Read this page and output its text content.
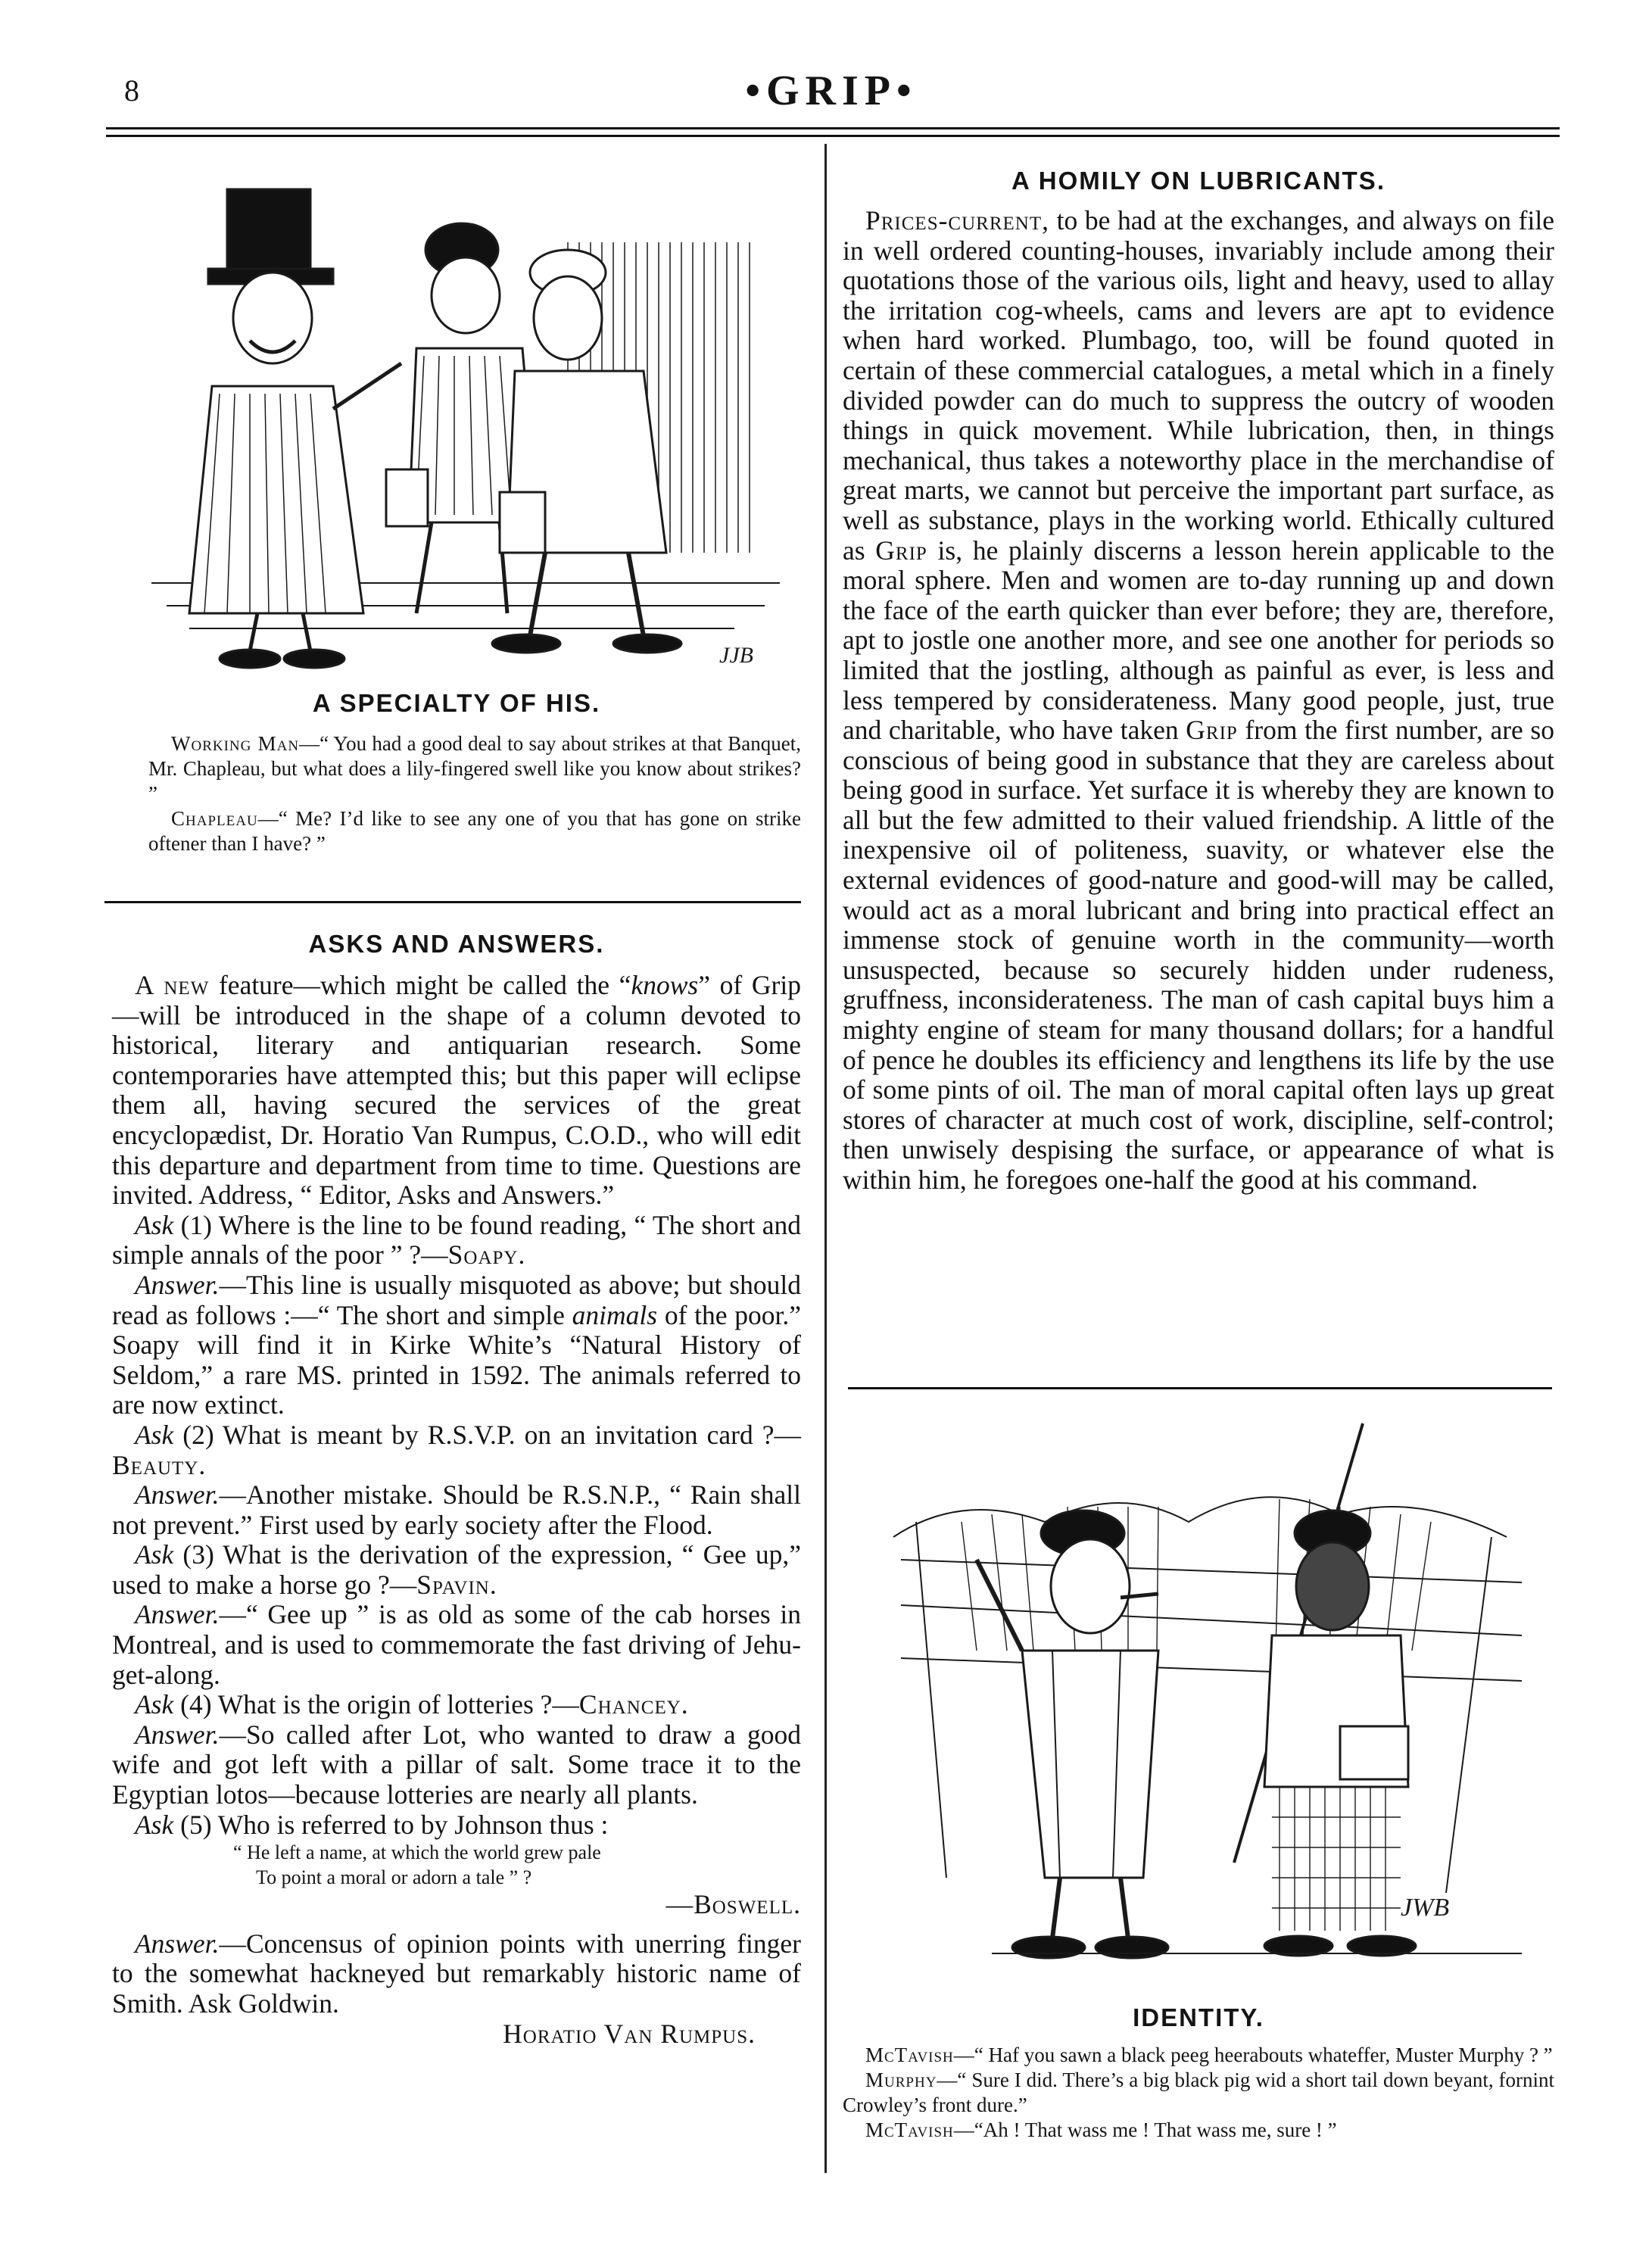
8	•GRIP•
JJB
A SPECIALTY OF HIS.

Working Man—“ You had a good deal to say about strikes at that Banquet, Mr. Chapleau, but what does a lily-fingered swell like you know about strikes? ”

Chapleau—“ Me? I’d like to see any one of you that has gone on strike oftener than I have? ”

ASKS AND ANSWERS.

A new feature—which might be called the “knows” of Grip—will be introduced in the shape of a column devoted to historical, literary and antiquarian research. Some contemporaries have attempted this; but this paper will eclipse them all, having secured the services of the great encyclopædist, Dr. Horatio Van Rumpus, C.O.D., who will edit this departure and department from time to time. Questions are invited. Address, “ Editor, Asks and Answers.”

Ask (1) Where is the line to be found reading, “ The short and simple annals of the poor ” ?—Soapy.

Answer.—This line is usually misquoted as above; but should read as follows :—“ The short and simple animals of the poor.” Soapy will find it in Kirke White’s “Natural History of Seldom,” a rare MS. printed in 1592. The animals referred to are now extinct.

Ask (2) What is meant by R.S.V.P. on an invitation card ?—Beauty.

Answer.—Another mistake. Should be R.S.N.P., “ Rain shall not prevent.” First used by early society after the Flood.

Ask (3) What is the derivation of the expression, “ Gee up,” used to make a horse go ?—Spavin.

Answer.—“ Gee up ” is as old as some of the cab horses in Montreal, and is used to commemorate the fast driving of Jehu-get-along.

Ask (4) What is the origin of lotteries ?—Chancey.

Answer.—So called after Lot, who wanted to draw a good wife and got left with a pillar of salt. Some trace it to the Egyptian lotos—because lotteries are nearly all plants.

Ask (5) Who is referred to by Johnson thus :

“ He left a name, at which the world grew pale

To point a moral or adorn a tale ” ?

—Boswell.

Answer.—Concensus of opinion points with unerring finger to the somewhat hackneyed but remarkably historic name of Smith. Ask Goldwin.

Horatio Van Rumpus.

A HOMILY ON LUBRICANTS.

Prices-current, to be had at the exchanges, and always on file in well ordered counting-houses, invariably include among their quotations those of the various oils, light and heavy, used to allay the irritation cog-wheels, cams and levers are apt to evidence when hard worked. Plumbago, too, will be found quoted in certain of these commercial catalogues, a metal which in a finely divided powder can do much to suppress the outcry of wooden things in quick movement. While lubrication, then, in things mechanical, thus takes a noteworthy place in the merchandise of great marts, we cannot but perceive the important part surface, as well as substance, plays in the working world. Ethically cultured as Grip is, he plainly discerns a lesson herein applicable to the moral sphere. Men and women are to-day running up and down the face of the earth quicker than ever before; they are, therefore, apt to jostle one another more, and see one another for periods so limited that the jostling, although as painful as ever, is less and less tempered by considerateness. Many good people, just, true and charitable, who have taken Grip from the first number, are so conscious of being good in substance that they are careless about being good in surface. Yet surface it is whereby they are known to all but the few admitted to their valued friendship. A little of the inexpensive oil of politeness, suavity, or whatever else the external evidences of good-nature and good-will may be called, would act as a moral lubricant and bring into practical effect an immense stock of genuine worth in the community—worth unsuspected, because so securely hidden under rudeness, gruffness, inconsiderateness. The man of cash capital buys him a mighty engine of steam for many thousand dollars; for a handful of pence he doubles its efficiency and lengthens its life by the use of some pints of oil. The man of moral capital often lays up great stores of character at much cost of work, discipline, self-control; then unwisely despising the surface, or appearance of what is within him, he foregoes one-half the good at his command.

JWB
IDENTITY.

McTavish—“ Haf you sawn a black peeg heerabouts whateffer, Muster Murphy ? ”

Murphy—“ Sure I did. There’s a big black pig wid a short tail down beyant, fornint Crowley’s front dure.”

McTavish—“Ah ! That wass me ! That wass me, sure ! ”
